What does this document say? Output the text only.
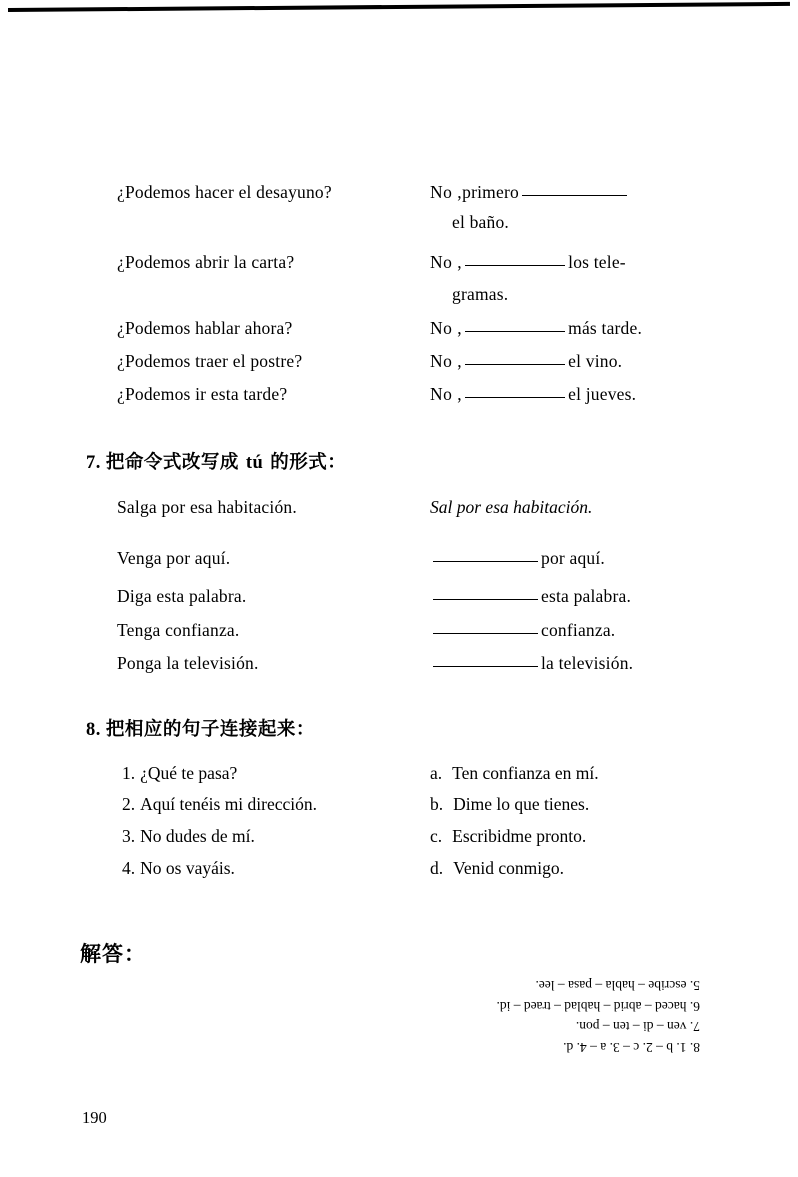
¿Podemos hacer el desayuno?	No ,primero
el baño.
¿Podemos abrir la carta?	No ,	los tele-
gramas.
¿Podemos hablar ahora?	No ,	más tarde.
¿Podemos traer el postre?	No ,	el vino.
¿Podemos ir esta tarde?	No ,	el jueves.
7. 把命令式改写成 tú 的形式：
Salga por esa habitación.	Sal por esa habitación.
Venga por aquí.	por aquí.
Diga esta palabra.	esta palabra.
Tenga confianza.	confianza.
Ponga la televisión.	la televisión.
8. 把相应的句子连接起来：
1. ¿Qué te pasa?	a. Ten confianza en mí.
2. Aquí tenéis mi dirección.	b. Dime lo que tienes.
3. No dudes de mí.	c. Escribidme pronto.
4. No os vayáis.	d. Venid conmigo.
解答：
8. 1. b – 2. c – 3. a – 4. d.
7. ven – di – ten – pon.
6. haced – abrid – hablad – traed – id.
5. escribe – habla – pasa – lee.
190
